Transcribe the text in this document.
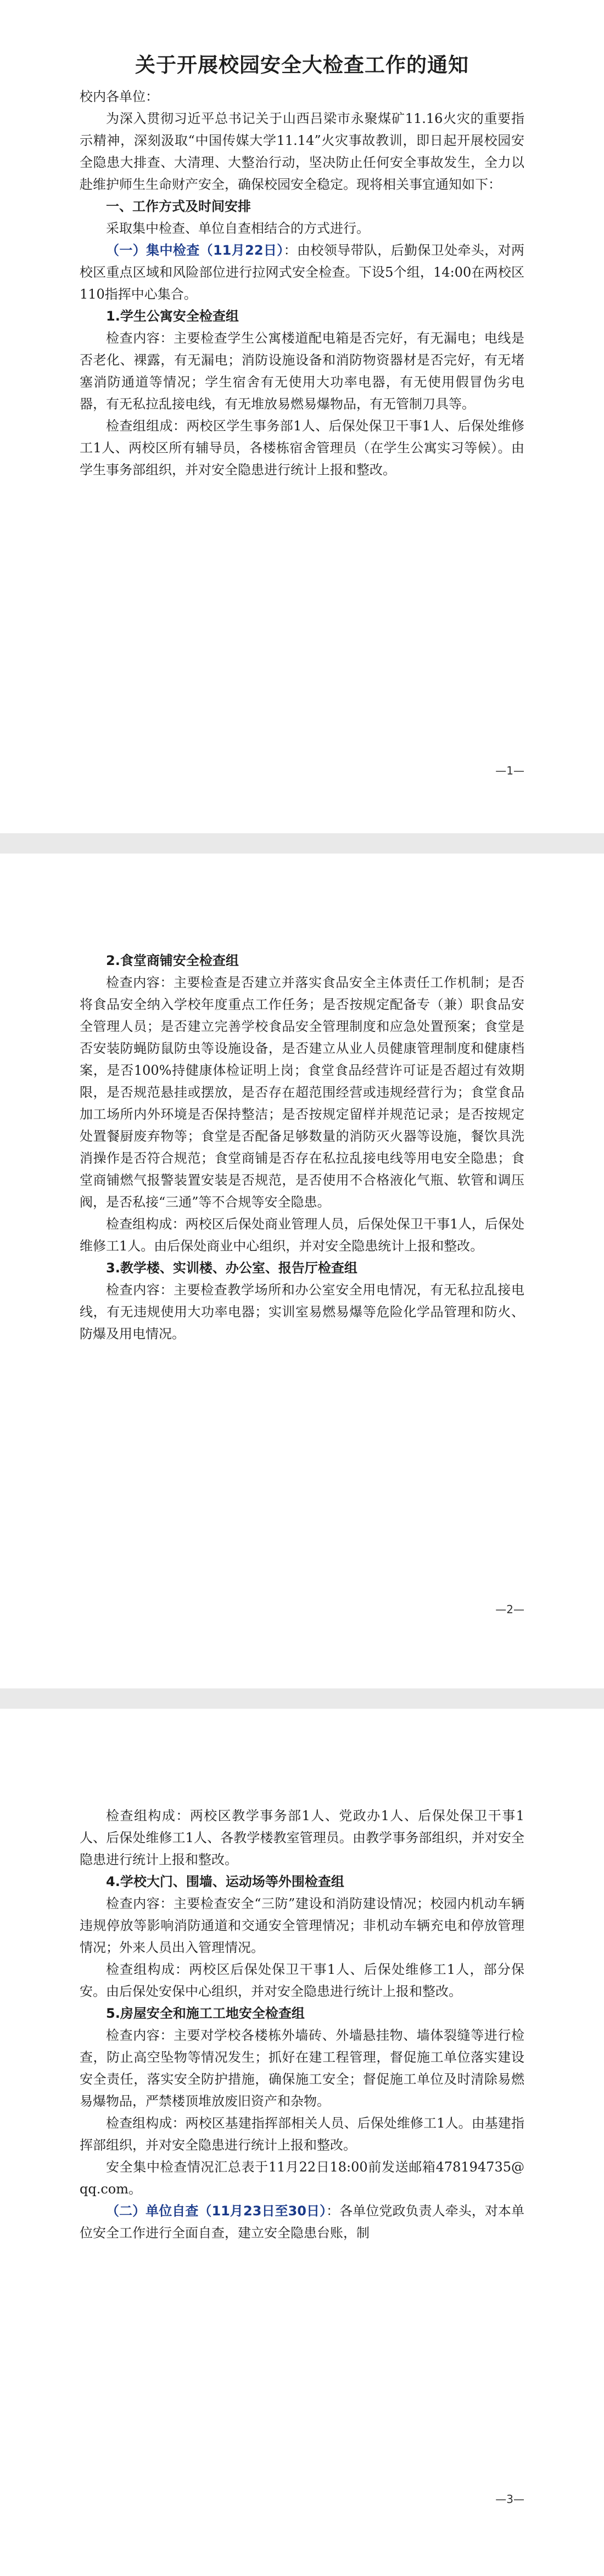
关于开展校园安全大检查工作的通知

校内各单位：

为深入贯彻习近平总书记关于山西吕梁市永聚煤矿11.16火灾的重要指示精神，深刻汲取“中国传媒大学11.14”火灾事故教训，即日起开展校园安全隐患大排查、大清理、大整治行动，坚决防止任何安全事故发生，全力以赴维护师生生命财产安全，确保校园安全稳定。现将相关事宜通知如下：

一、工作方式及时间安排

采取集中检查、单位自查相结合的方式进行。

（一）集中检查（11月22日）：由校领导带队，后勤保卫处牵头，对两校区重点区域和风险部位进行拉网式安全检查。下设5个组，14:00在两校区110指挥中心集合。

1.学生公寓安全检查组

检查内容：主要检查学生公寓楼道配电箱是否完好，有无漏电；电线是否老化、裸露，有无漏电；消防设施设备和消防物资器材是否完好，有无堵塞消防通道等情况；学生宿舍有无使用大功率电器，有无使用假冒伪劣电器，有无私拉乱接电线，有无堆放易燃易爆物品，有无管制刀具等。

检查组组成：两校区学生事务部1人、后保处保卫干事1人、后保处维修工1人、两校区所有辅导员，各楼栋宿舍管理员（在学生公寓实习等候）。由学生事务部组织，并对安全隐患进行统计上报和整改。

—1—

2.食堂商铺安全检查组

检查内容：主要检查是否建立并落实食品安全主体责任工作机制；是否将食品安全纳入学校年度重点工作任务；是否按规定配备专（兼）职食品安全管理人员；是否建立完善学校食品安全管理制度和应急处置预案；食堂是否安装防蝇防鼠防虫等设施设备，是否建立从业人员健康管理制度和健康档案，是否100%持健康体检证明上岗；食堂食品经营许可证是否超过有效期限，是否规范悬挂或摆放，是否存在超范围经营或违规经营行为；食堂食品加工场所内外环境是否保持整洁；是否按规定留样并规范记录；是否按规定处置餐厨废弃物等；食堂是否配备足够数量的消防灭火器等设施，餐饮具洗消操作是否符合规范；食堂商铺是否存在私拉乱接电线等用电安全隐患；食堂商铺燃气报警装置安装是否规范，是否使用不合格液化气瓶、软管和调压阀，是否私接“三通”等不合规等安全隐患。

检查组构成：两校区后保处商业管理人员，后保处保卫干事1人，后保处维修工1人。由后保处商业中心组织，并对安全隐患统计上报和整改。

3.教学楼、实训楼、办公室、报告厅检查组

检查内容：主要检查教学场所和办公室安全用电情况，有无私拉乱接电线，有无违规使用大功率电器；实训室易燃易爆等危险化学品管理和防火、防爆及用电情况。

—2—

检查组构成：两校区教学事务部1人、党政办1人、后保处保卫干事1人、后保处维修工1人、各教学楼教室管理员。由教学事务部组织，并对安全隐患进行统计上报和整改。

4.学校大门、围墙、运动场等外围检查组

检查内容：主要检查安全“三防”建设和消防建设情况；校园内机动车辆违规停放等影响消防通道和交通安全管理情况；非机动车辆充电和停放管理情况；外来人员出入管理情况。

检查组构成：两校区后保处保卫干事1人、后保处维修工1人，部分保安。由后保处安保中心组织，并对安全隐患进行统计上报和整改。

5.房屋安全和施工工地安全检查组

检查内容：主要对学校各楼栋外墙砖、外墙悬挂物、墙体裂缝等进行检查，防止高空坠物等情况发生；抓好在建工程管理，督促施工单位落实建设安全责任，落实安全防护措施，确保施工安全；督促施工单位及时清除易燃易爆物品，严禁楼顶堆放废旧资产和杂物。

检查组构成：两校区基建指挥部相关人员、后保处维修工1人。由基建指挥部组织，并对安全隐患进行统计上报和整改。

安全集中检查情况汇总表于11月22日18:00前发送邮箱478194735@qq.com。

（二）单位自查（11月23日至30日）：各单位党政负责人牵头，对本单位安全工作进行全面自查，建立安全隐患台账，制

—3—
